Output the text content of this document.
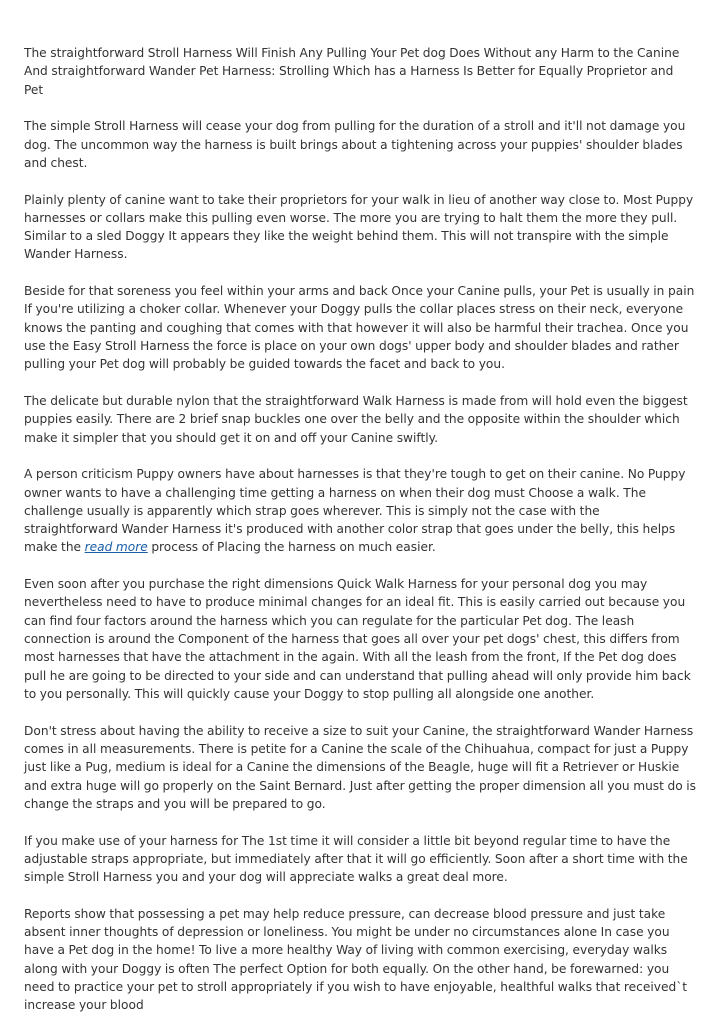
The straightforward Stroll Harness Will Finish Any Pulling Your Pet dog Does Without any Harm to the Canine And straightforward Wander Pet Harness: Strolling Which has a Harness Is Better for Equally Proprietor and Pet

The simple Stroll Harness will cease your dog from pulling for the duration of a stroll and it'll not damage you dog. The uncommon way the harness is built brings about a tightening across your puppies' shoulder blades and chest.

Plainly plenty of canine want to take their proprietors for your walk in lieu of another way close to. Most Puppy harnesses or collars make this pulling even worse. The more you are trying to halt them the more they pull. Similar to a sled Doggy It appears they like the weight behind them. This will not transpire with the simple Wander Harness.

Beside for that soreness you feel within your arms and back Once your Canine pulls, your Pet is usually in pain If you're utilizing a choker collar. Whenever your Doggy pulls the collar places stress on their neck, everyone knows the panting and coughing that comes with that however it will also be harmful their trachea. Once you use the Easy Stroll Harness the force is place on your own dogs' upper body and shoulder blades and rather pulling your Pet dog will probably be guided towards the facet and back to you.

The delicate but durable nylon that the straightforward Walk Harness is made from will hold even the biggest puppies easily. There are 2 brief snap buckles one over the belly and the opposite within the shoulder which make it simpler that you should get it on and off your Canine swiftly.

A person criticism Puppy owners have about harnesses is that they're tough to get on their canine. No Puppy owner wants to have a challenging time getting a harness on when their dog must Choose a walk. The challenge usually is apparently which strap goes wherever. This is simply not the case with the straightforward Wander Harness it's produced with another color strap that goes under the belly, this helps make the read more process of Placing the harness on much easier.

Even soon after you purchase the right dimensions Quick Walk Harness for your personal dog you may nevertheless need to have to produce minimal changes for an ideal fit. This is easily carried out because you can find four factors around the harness which you can regulate for the particular Pet dog. The leash connection is around the Component of the harness that goes all over your pet dogs' chest, this differs from most harnesses that have the attachment in the again. With all the leash from the front, If the Pet dog does pull he are going to be directed to your side and can understand that pulling ahead will only provide him back to you personally. This will quickly cause your Doggy to stop pulling all alongside one another.

Don't stress about having the ability to receive a size to suit your Canine, the straightforward Wander Harness comes in all measurements. There is petite for a Canine the scale of the Chihuahua, compact for just a Puppy just like a Pug, medium is ideal for a Canine the dimensions of the Beagle, huge will fit a Retriever or Huskie and extra huge will go properly on the Saint Bernard. Just after getting the proper dimension all you must do is change the straps and you will be prepared to go.

If you make use of your harness for The 1st time it will consider a little bit beyond regular time to have the adjustable straps appropriate, but immediately after that it will go efficiently. Soon after a short time with the simple Stroll Harness you and your dog will appreciate walks a great deal more.

Reports show that possessing a pet may help reduce pressure, can decrease blood pressure and just take absent inner thoughts of depression or loneliness. You might be under no circumstances alone In case you have a Pet dog in the home! To live a more healthy Way of living with common exercising, everyday walks along with your Doggy is often The perfect Option for both equally. On the other hand, be forewarned: you need to practice your pet to stroll appropriately if you wish to have enjoyable, healthful walks that received`t increase your blood
